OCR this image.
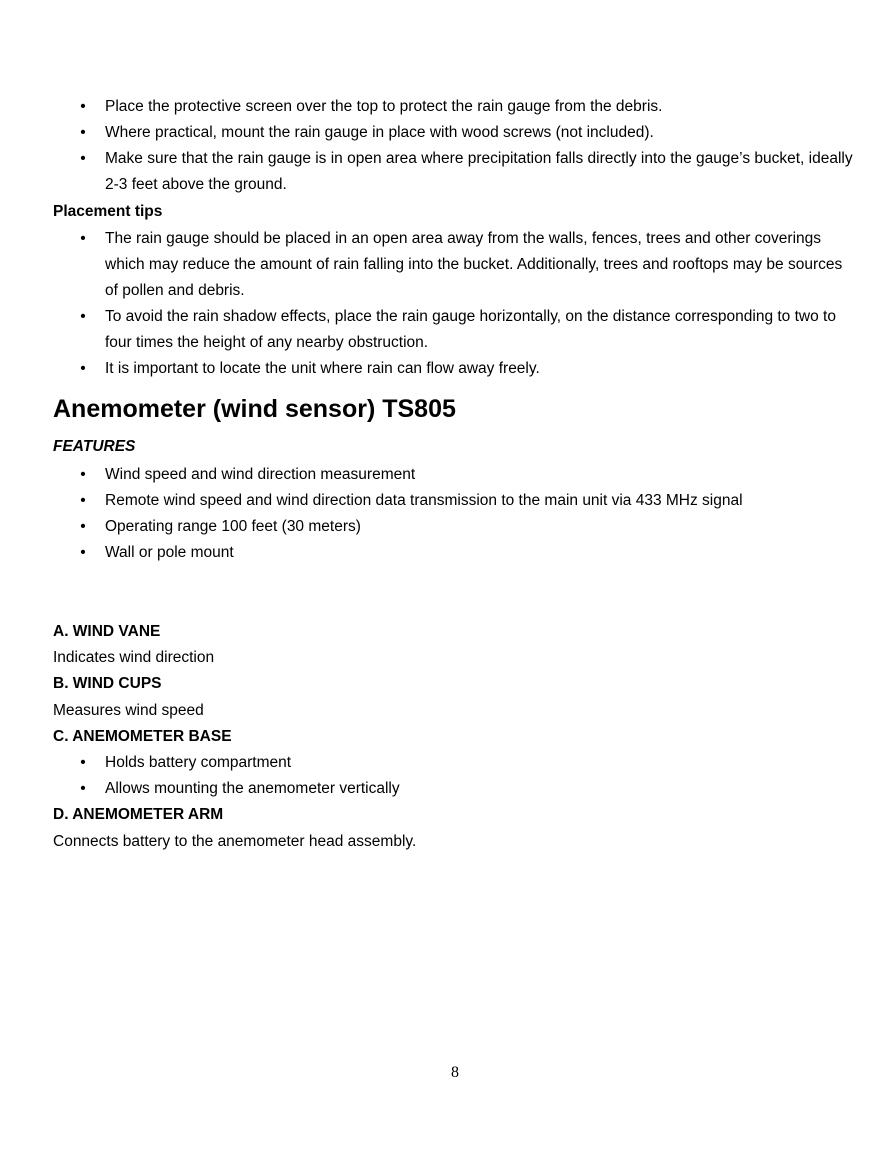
• Place the protective screen over the top to protect the rain gauge from the debris.
• Where practical, mount the rain gauge in place with wood screws (not included).
• Make sure that the rain gauge is in open area where precipitation falls directly into the gauge’s bucket, ideally 2-3 feet above the ground.

Placement tips

• The rain gauge should be placed in an open area away from the walls, fences, trees and other coverings which may reduce the amount of rain falling into the bucket. Additionally, trees and rooftops may be sources of pollen and debris.
• To avoid the rain shadow effects, place the rain gauge horizontally, on the distance corresponding to two to four times the height of any nearby obstruction.
• It is important to locate the unit where rain can flow away freely.
Anemometer (wind sensor) TS805

FEATURES

• Wind speed and wind direction measurement
• Remote wind speed and wind direction data transmission to the main unit via 433 MHz signal
• Operating range 100 feet (30 meters)
• Wall or pole mount

A. WIND VANE

Indicates wind direction

B. WIND CUPS

Measures wind speed

C. ANEMOMETER BASE

• Holds battery compartment
• Allows mounting the anemometer vertically

D. ANEMOMETER ARM

Connects battery to the anemometer head assembly.

8
